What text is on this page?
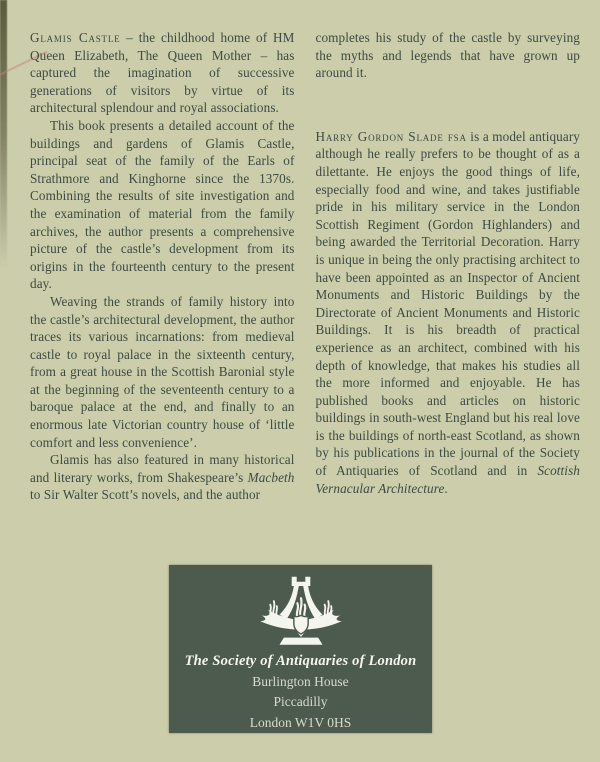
Glamis Castle – the childhood home of HM Queen Elizabeth, The Queen Mother – has captured the imagination of successive generations of visitors by virtue of its architectural splendour and royal associations.

This book presents a detailed account of the buildings and gardens of Glamis Castle, principal seat of the family of the Earls of Strathmore and Kinghorne since the 1370s. Combining the results of site investigation and the examination of material from the family archives, the author presents a comprehensive picture of the castle’s development from its origins in the fourteenth century to the present day.

Weaving the strands of family history into the castle’s architectural development, the author traces its various incarnations: from medieval castle to royal palace in the sixteenth century, from a great house in the Scottish Baronial style at the beginning of the seventeenth century to a baroque palace at the end, and finally to an enormous late Victorian country house of ‘little comfort and less convenience’.

Glamis has also featured in many historical and literary works, from Shakespeare’s Macbeth to Sir Walter Scott’s novels, and the author

completes his study of the castle by surveying the myths and legends that have grown up around it.

Harry Gordon Slade fsa is a model antiquary although he really prefers to be thought of as a dilettante. He enjoys the good things of life, especially food and wine, and takes justifiable pride in his military service in the London Scottish Regiment (Gordon Highlanders) and being awarded the Territorial Decoration. Harry is unique in being the only practising architect to have been appointed as an Inspector of Ancient Monuments and Historic Buildings by the Directorate of Ancient Monuments and Historic Buildings. It is his breadth of practical experience as an architect, combined with his depth of knowledge, that makes his studies all the more informed and enjoyable. He has published books and articles on historic buildings in south-west England but his real love is the buildings of north-east Scotland, as shown by his publications in the journal of the Society of Antiquaries of Scotland and in Scottish Vernacular Architecture.

The Society of Antiquaries of London
Burlington House
Piccadilly
London W1V 0HS
